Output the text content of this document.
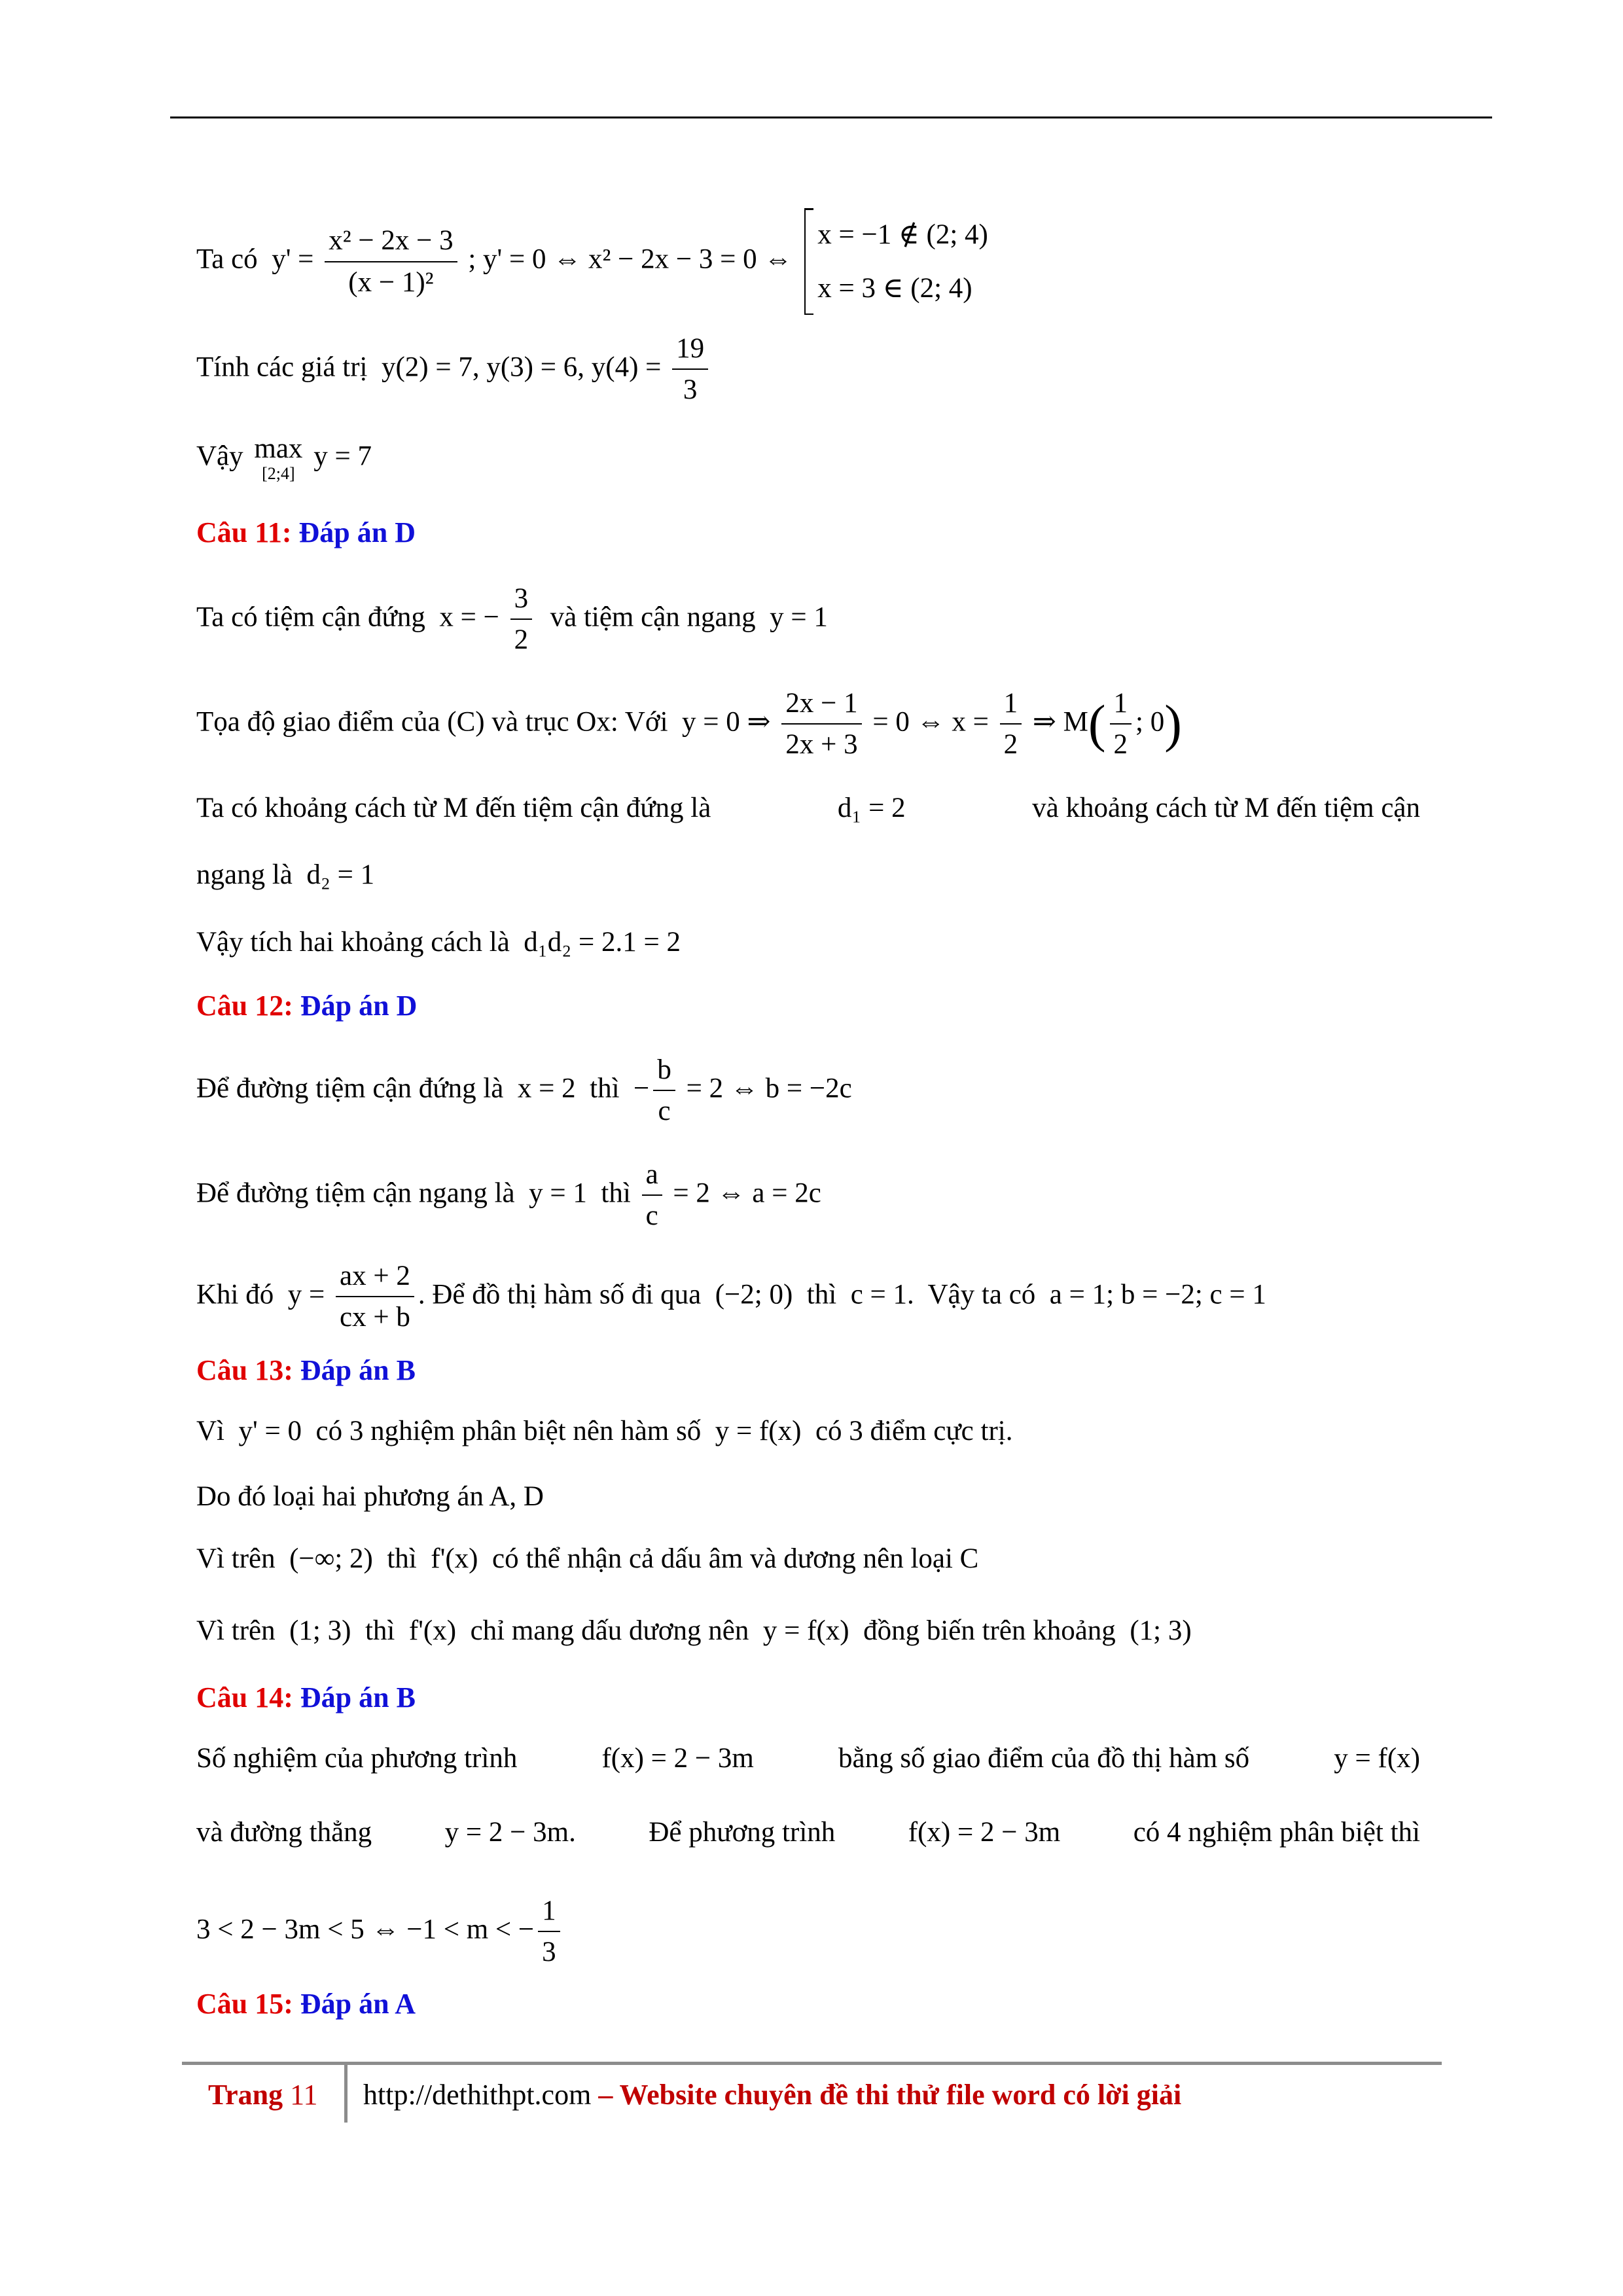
Ta có $y' = \frac{\text{x² − 2x − 3}}{\text{(x − 1)²}}$ ; y' = 0 ⇔ x² − 2x − 3 = 0 ⇔
x = −1 ∉ (2; 4)
x = 3 ∈ (2; 4)
Tính các giá trị y(2) = 7, y(3) = 6, $y(4) = \frac{19}{3}$
Vậy max
[2;4]
y = 7
Câu 11: Đáp án D
Ta có tiệm cận đứng x = − $\frac{3}{2}$ và tiệm cận ngang y = 1
Tọa độ giao điểm của (C) và trục Ox: Với y = 0 ⇒ $\frac{2x - 1}{2x + 3} = 0$ ⇔ $x = \frac{1}{2}$ ⇒ $M( \frac{1}{2}$ ; 0)
Ta có khoảng cách từ M đến tiệm cận đứng là	d₁ = 2	và khoảng cách từ M đến tiệm cận
ngang là d₂ = 1
Vậy tích hai khoảng cách là d₁d₂ = 2.1 = 2
Câu 12: Đáp án D
Để đường tiệm cận đứng là x = 2 thì − $\frac{b}{c} = 2$ ⇔ b = −2c
Để đường tiệm cận ngang là y = 1 thì $\frac{a}{c} = 2$ ⇔ a = 2c
Khi đó $y = \frac{ax + 2}{cx + b}$ . Để đồ thị hàm số đi qua (−2; 0) thì c = 1. Vậy ta có a = 1; b = −2; c = 1
Câu 13: Đáp án B
Vì y' = 0 có 3 nghiệm phân biệt nên hàm số y = f(x) có 3 điểm cực trị.
Do đó loại hai phương án A, D
Vì trên (−∞; 2) thì f'(x) có thể nhận cả dấu âm và dương nên loại C
Vì trên (1; 3) thì f'(x) chỉ mang dấu dương nên y = f(x) đồng biến trên khoảng (1; 3)
Câu 14: Đáp án B
Số nghiệm của phương trình	f(x) = 2 − 3m	bằng số giao điểm của đồ thị hàm số	y = f(x)
và đường thẳng	y = 2 − 3m.	Để phương trình	f(x) = 2 − 3m	có 4 nghiệm phân biệt thì
3 < 2 − 3m < 5 ⇔ −1 < m < − $\frac{1}{3}$
Câu 15: Đáp án A
Trang 11 http://dethithpt.com – Website chuyên đề thi thử file word có lời giải
